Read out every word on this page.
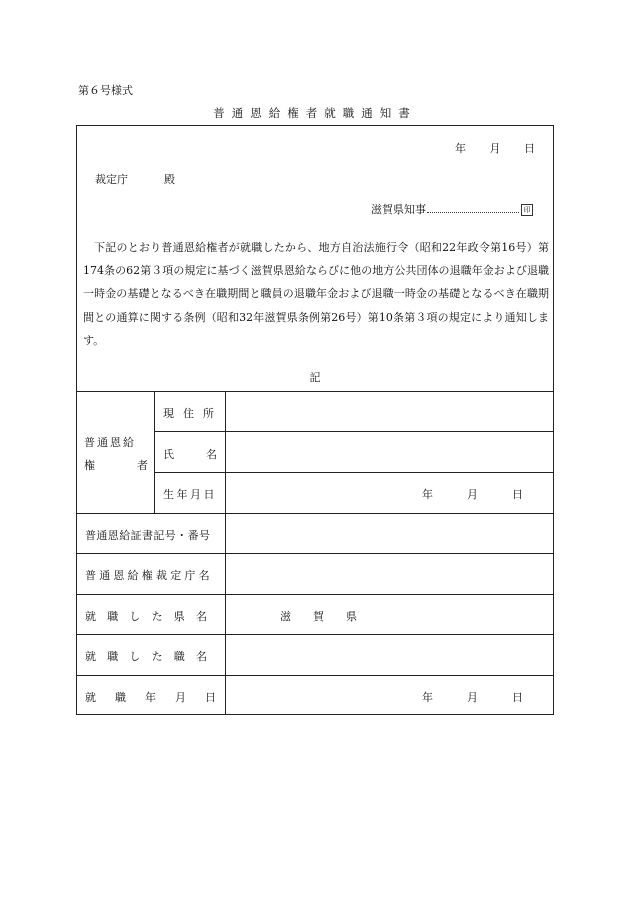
第６号様式
普通恩給権者就職通知書
年 月 日
裁定庁	殿
滋賀県知事	印
下記のとおり普通恩給権者が就職したから、地方自治法施行令（昭和22年政令第16号）第174条の62第３項の規定に基づく滋賀県恩給ならびに他の地方公共団体の退職年金および退職一時金の基礎となるべき在職期間と職員の退職年金および退職一時金の基礎となるべき在職期間との通算に関する条例（昭和32年滋賀県条例第26号）第10条第３項の規定により通知します。
記
普 通 恩 給
権	者
現住所
氏名
生年月日	年	月	日
普通恩給証書記号・番号
普通恩給権裁定庁名
就職した県名	滋賀県
就職した職名
就職年月日	年	月	日
